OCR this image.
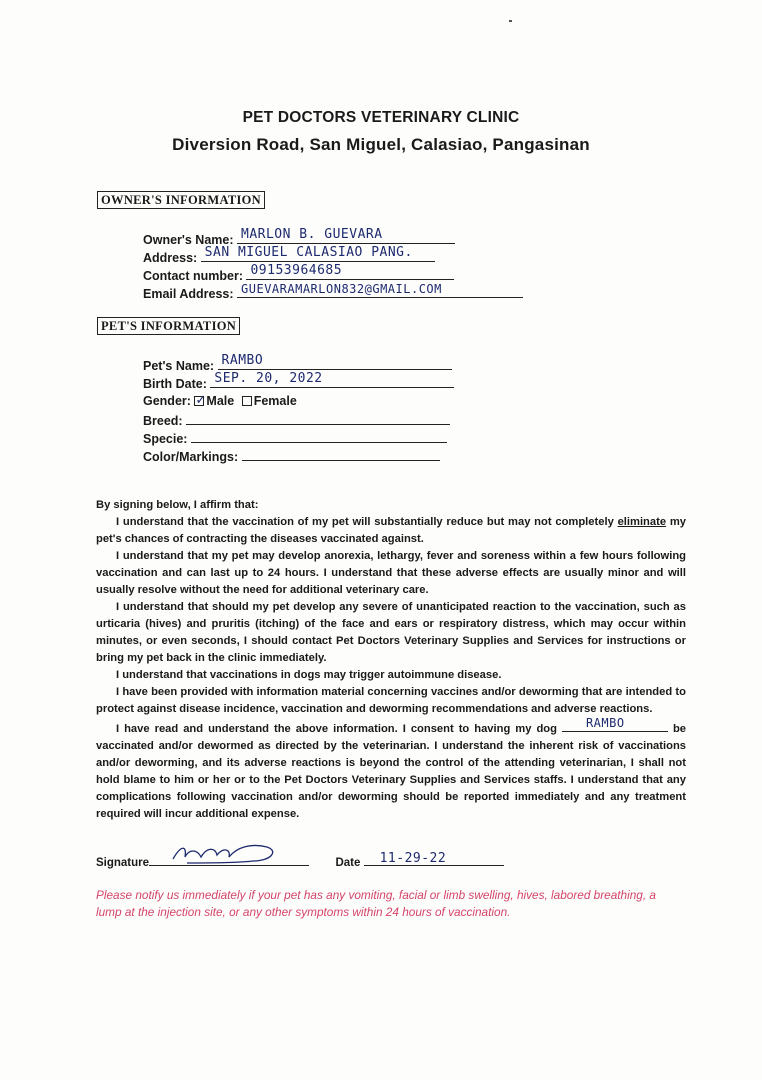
PET DOCTORS VETERINARY CLINIC
Diversion Road, San Miguel, Calasiao, Pangasinan
OWNER'S INFORMATION
Owner's Name: MARLON B. GUEVARA
Address: SAN MIGUEL CALASIAO PANG.
Contact number: 09153964685
Email Address: GUEVARAMARLON832@GMAIL.COM
PET'S INFORMATION
Pet's Name: RAMBO
Birth Date: SEP. 20, 2022
Gender: ✓ Male Female
Breed:
Specie:
Color/Markings:

By signing below, I affirm that:

I understand that the vaccination of my pet will substantially reduce but may not completely eliminate my pet's chances of contracting the diseases vaccinated against.

I understand that my pet may develop anorexia, lethargy, fever and soreness within a few hours following vaccination and can last up to 24 hours. I understand that these adverse effects are usually minor and will usually resolve without the need for additional veterinary care.

I understand that should my pet develop any severe of unanticipated reaction to the vaccination, such as urticaria (hives) and pruritis (itching) of the face and ears or respiratory distress, which may occur within minutes, or even seconds, I should contact Pet Doctors Veterinary Supplies and Services for instructions or bring my pet back in the clinic immediately.

I understand that vaccinations in dogs may trigger autoimmune disease.

I have been provided with information material concerning vaccines and/or deworming that are intended to protect against disease incidence, vaccination and deworming recommendations and adverse reactions.

I have read and understand the above information. I consent to having my dog	RAMBO	be vaccinated and/or dewormed as directed by the veterinarian. I understand the inherent risk of vaccinations and/or deworming, and its adverse reactions is beyond the control of the attending veterinarian, I shall not hold blame to him or her or to the Pet Doctors Veterinary Supplies and Services staffs. I understand that any complications following vaccination and/or deworming should be reported immediately and any treatment required will incur additional expense.

Signature	Date 11-29-22
Please notify us immediately if your pet has any vomiting, facial or limb swelling, hives, labored breathing, a lump at the injection site, or any other symptoms within 24 hours of vaccination.
